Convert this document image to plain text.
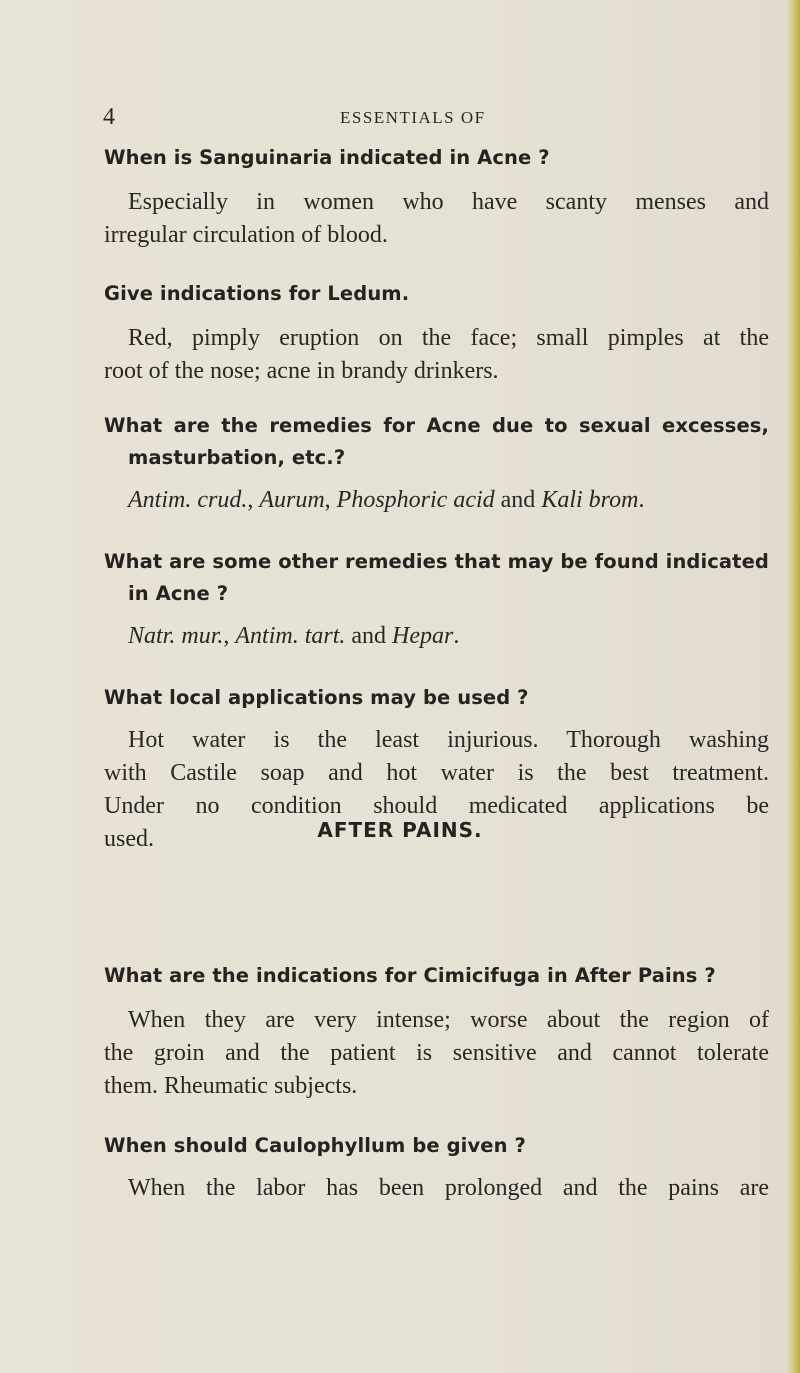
4	ESSENTIALS OF
When is Sanguinaria indicated in Acne ?
Especially in women who have scanty menses and
irregular circulation of blood.
Give indications for Ledum.
Red, pimply eruption on the face; small pimples at the
root of the nose; acne in brandy drinkers.
What are the remedies for Acne due to sexual excesses,
masturbation, etc.?
Antim. crud., Aurum, Phosphoric acid and Kali brom.
What are some other remedies that may be found indicated
in Acne ?
Natr. mur., Antim. tart. and Hepar.
What local applications may be used ?
Hot water is the least injurious. Thorough washing
with Castile soap and hot water is the best treatment.
Under no condition should medicated applications be
used.	AFTER PAINS.
What are the indications for Cimicifuga in After Pains ?
When they are very intense; worse about the region of
the groin and the patient is sensitive and cannot tolerate
them. Rheumatic subjects.
When should Caulophyllum be given ?
When the labor has been prolonged and the pains are
